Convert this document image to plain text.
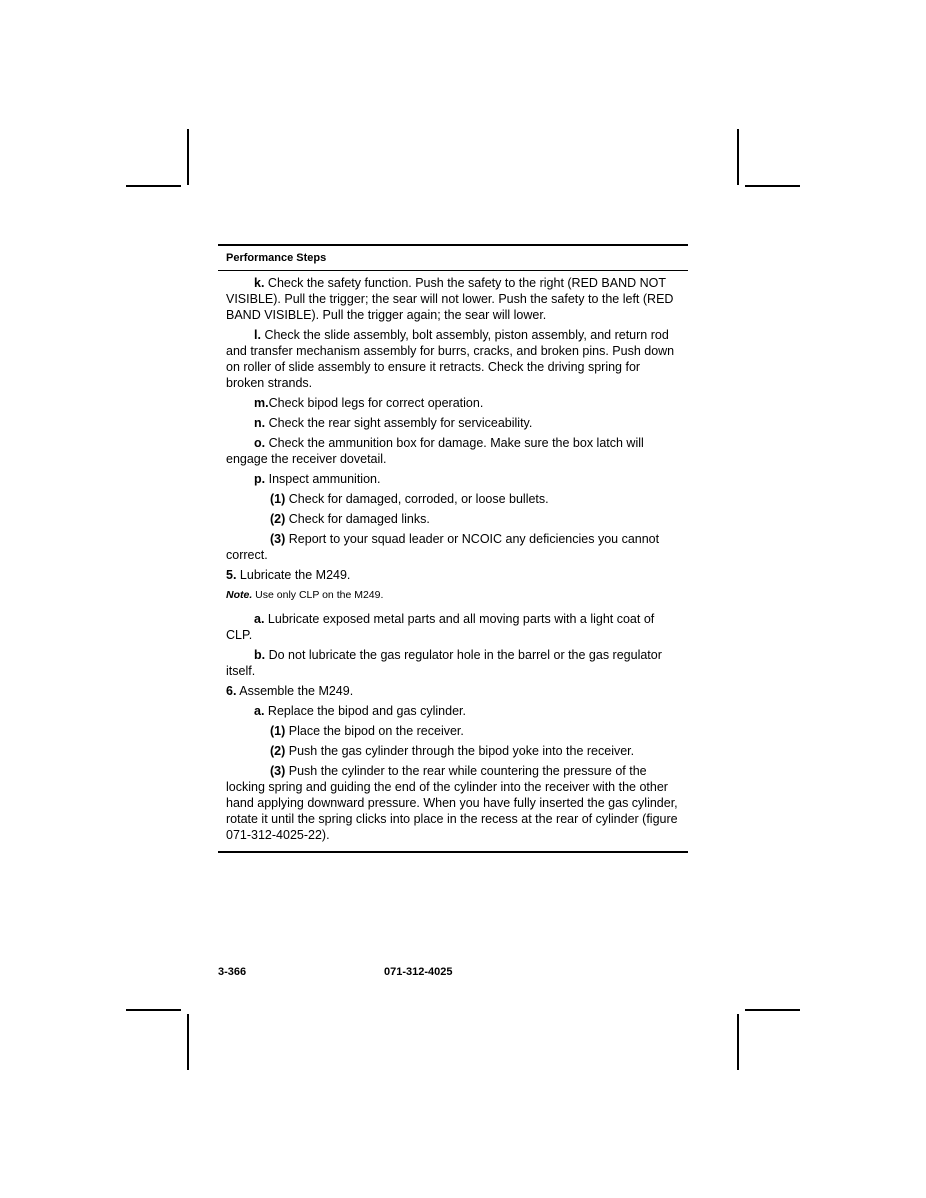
Performance Steps

k. Check the safety function. Push the safety to the right (RED BAND NOT VISIBLE). Pull the trigger; the sear will not lower. Push the safety to the left (RED BAND VISIBLE). Pull the trigger again; the sear will lower.

l. Check the slide assembly, bolt assembly, piston assembly, and return rod and transfer mechanism assembly for burrs, cracks, and broken pins. Push down on roller of slide assembly to ensure it retracts. Check the driving spring for broken strands.

m.Check bipod legs for correct operation.

n. Check the rear sight assembly for serviceability.

o. Check the ammunition box for damage. Make sure the box latch will engage the receiver dovetail.

p. Inspect ammunition.

(1) Check for damaged, corroded, or loose bullets.

(2) Check for damaged links.

(3) Report to your squad leader or NCOIC any deficiencies you cannot correct.

5. Lubricate the M249.

Note. Use only CLP on the M249.

a. Lubricate exposed metal parts and all moving parts with a light coat of CLP.

b. Do not lubricate the gas regulator hole in the barrel or the gas regulator itself.

6. Assemble the M249.

a. Replace the bipod and gas cylinder.

(1) Place the bipod on the receiver.

(2) Push the gas cylinder through the bipod yoke into the receiver.

(3) Push the cylinder to the rear while countering the pressure of the locking spring and guiding the end of the cylinder into the receiver with the other hand applying downward pressure. When you have fully inserted the gas cylinder, rotate it until the spring clicks into place in the recess at the rear of cylinder (figure 071-312-4025-22).

3-366	071-312-4025
